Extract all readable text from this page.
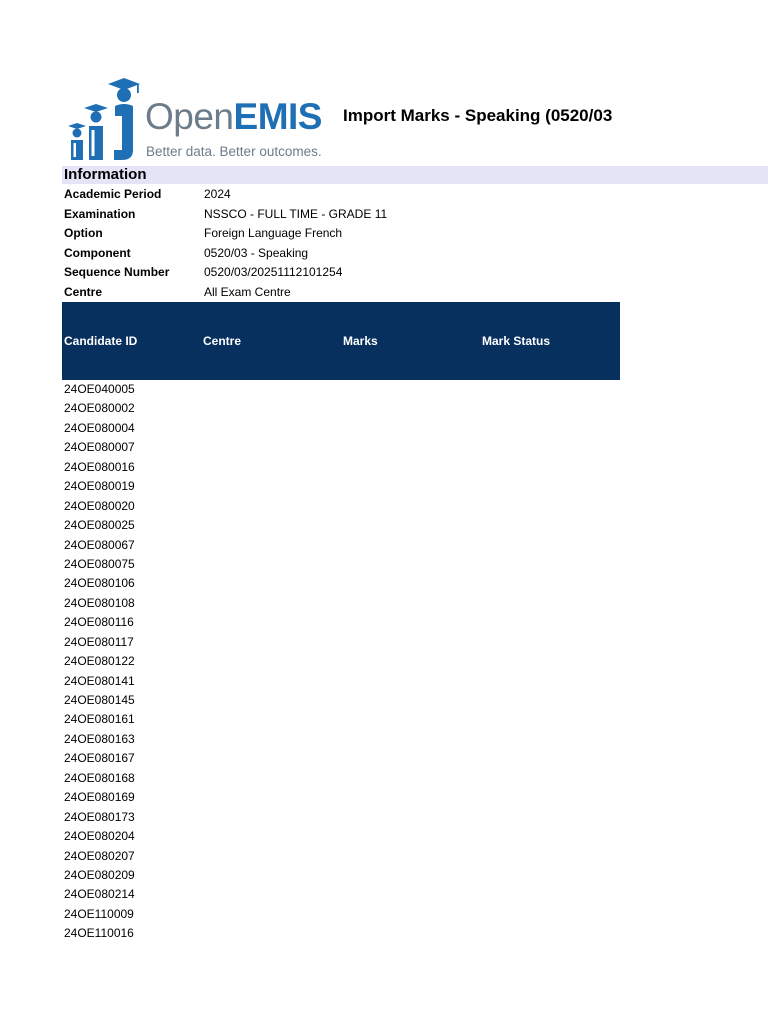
OpenEMIS
Better data. Better outcomes.
Import Marks - Speaking (0520/03
Information
Academic Period	2024
Examination	NSSCO - FULL TIME - GRADE 11
Option	Foreign Language French
Component	0520/03 - Speaking
Sequence Number	0520/03/20251112101254
Centre	All Exam Centre
Candidate ID	Centre	Marks	Mark Status
24OE040005
24OE080002
24OE080004
24OE080007
24OE080016
24OE080019
24OE080020
24OE080025
24OE080067
24OE080075
24OE080106
24OE080108
24OE080116
24OE080117
24OE080122
24OE080141
24OE080145
24OE080161
24OE080163
24OE080167
24OE080168
24OE080169
24OE080173
24OE080204
24OE080207
24OE080209
24OE080214
24OE110009
24OE110016
